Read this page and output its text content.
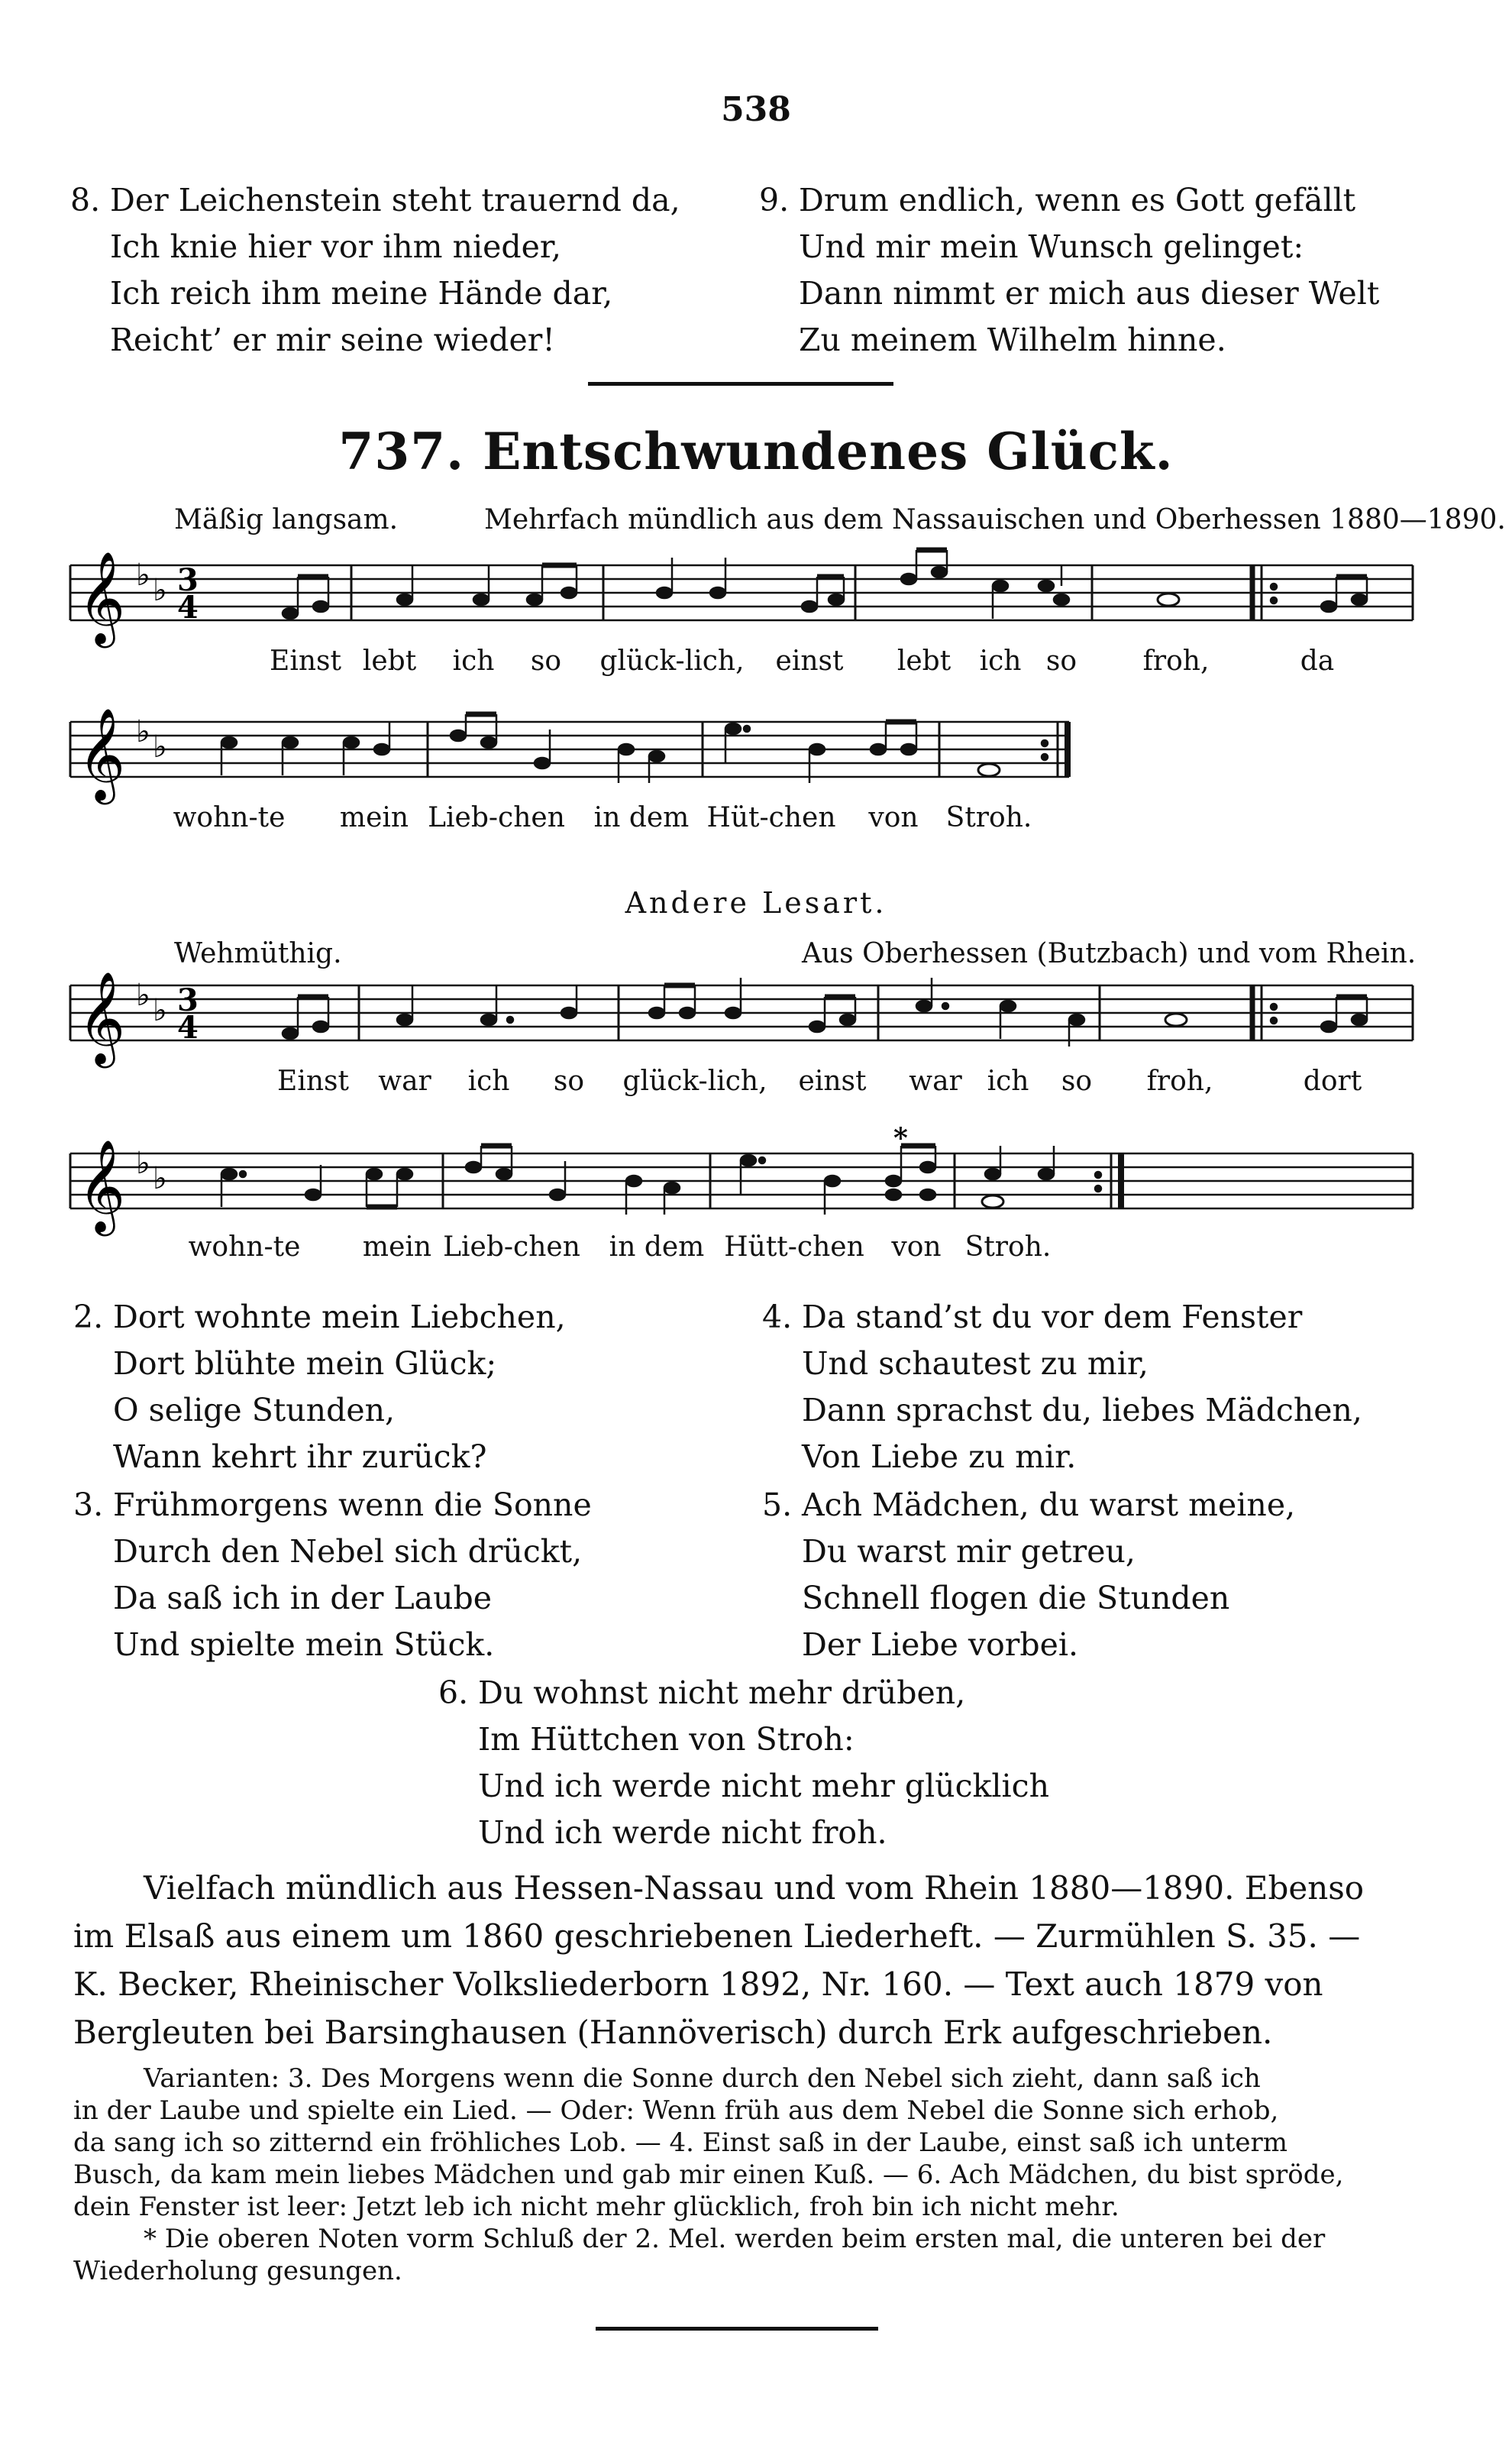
538
8. Der Leichenstein steht trauernd da,
Ich knie hier vor ihm nieder,
Ich reich ihm meine Hände dar,
Reicht’ er mir seine wieder!
9. Drum endlich, wenn es Gott gefällt
Und mir mein Wunsch gelinget:
Dann nimmt er mich aus dieser Welt
Zu meinem Wilhelm hinne.
737. Entschwundenes Glück.
Mäßig langsam.	Mehrfach mündlich aus dem Nassauischen und Oberhessen 1880—1890.
𝄞 ♭ ♭ 3
4
Einst lebt ich so glück-lich, einst lebt ich so froh,	da
𝄞 ♭ ♭
wohn-te mein Lieb-chen in dem Hüt-chen von Stroh.
Andere Lesart.
Wehmüthig.	Aus Oberhessen (Butzbach) und vom Rhein.
𝄞 ♭ ♭ 3
4
Einst war ich so glück-lich, einst war ich so froh,	dort
𝄞 ♭ ♭
*
wohn-te mein Lieb-chen in dem Hütt-chen von Stroh.
2. Dort wohnte mein Liebchen,
Dort blühte mein Glück;
O selige Stunden,
Wann kehrt ihr zurück?
3. Frühmorgens wenn die Sonne
Durch den Nebel sich drückt,
Da saß ich in der Laube
Und spielte mein Stück.
4. Da stand’st du vor dem Fenster
Und schautest zu mir,
Dann sprachst du, liebes Mädchen,
Von Liebe zu mir.
5. Ach Mädchen, du warst meine,
Du warst mir getreu,
Schnell flogen die Stunden
Der Liebe vorbei.
6. Du wohnst nicht mehr drüben,
Im Hüttchen von Stroh:
Und ich werde nicht mehr glücklich
Und ich werde nicht froh.
Vielfach mündlich aus Hessen-Nassau und vom Rhein 1880—1890. Ebenso
im Elsaß aus einem um 1860 geschriebenen Liederheft. — Zurmühlen S. 35. —
K. Becker, Rheinischer Volksliederborn 1892, Nr. 160. — Text auch 1879 von
Bergleuten bei Barsinghausen (Hannöverisch) durch Erk aufgeschrieben.
Varianten: 3. Des Morgens wenn die Sonne durch den Nebel sich zieht, dann saß ich
in der Laube und spielte ein Lied. — Oder: Wenn früh aus dem Nebel die Sonne sich erhob,
da sang ich so zitternd ein fröhliches Lob. — 4. Einst saß in der Laube, einst saß ich unterm
Busch, da kam mein liebes Mädchen und gab mir einen Kuß. — 6. Ach Mädchen, du bist spröde,
dein Fenster ist leer: Jetzt leb ich nicht mehr glücklich, froh bin ich nicht mehr.
* Die oberen Noten vorm Schluß der 2. Mel. werden beim ersten mal, die unteren bei der
Wiederholung gesungen.
